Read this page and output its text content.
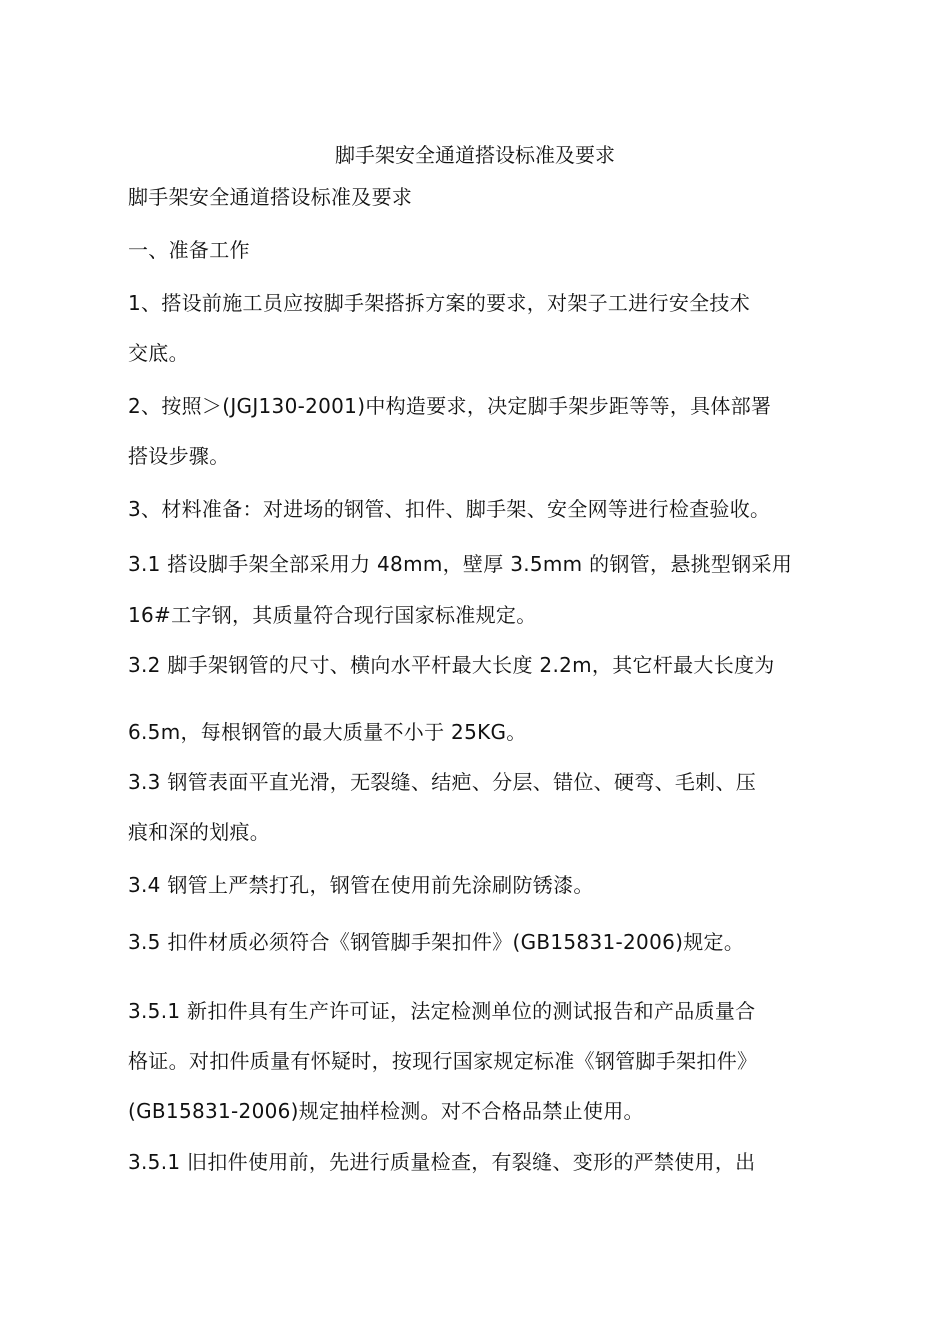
脚手架安全通道搭设标准及要求
脚手架安全通道搭设标准及要求
一、准备工作
1、搭设前施工员应按脚手架搭拆方案的要求，对架子工进行安全技术
交底。
2、按照＞(JGJ130-2001)中构造要求，决定脚手架步距等等，具体部署
搭设步骤。
3、材料准备：对进场的钢管、扣件、脚手架、安全网等进行检查验收。
3.1 搭设脚手架全部采用力 48mm，壁厚 3.5mm 的钢管，悬挑型钢采用
16#工字钢，其质量符合现行国家标准规定。
3.2 脚手架钢管的尺寸、横向水平杆最大长度 2.2m，其它杆最大长度为
6.5m，每根钢管的最大质量不小于 25KG。
3.3 钢管表面平直光滑，无裂缝、结疤、分层、错位、硬弯、毛刺、压
痕和深的划痕。
3.4 钢管上严禁打孔，钢管在使用前先涂刷防锈漆。
3.5 扣件材质必须符合《钢管脚手架扣件》(GB15831-2006)规定。
3.5.1 新扣件具有生产许可证，法定检测单位的测试报告和产品质量合
格证。对扣件质量有怀疑时，按现行国家规定标准《钢管脚手架扣件》
(GB15831-2006)规定抽样检测。对不合格品禁止使用。
3.5.1 旧扣件使用前，先进行质量检查，有裂缝、变形的严禁使用，出
